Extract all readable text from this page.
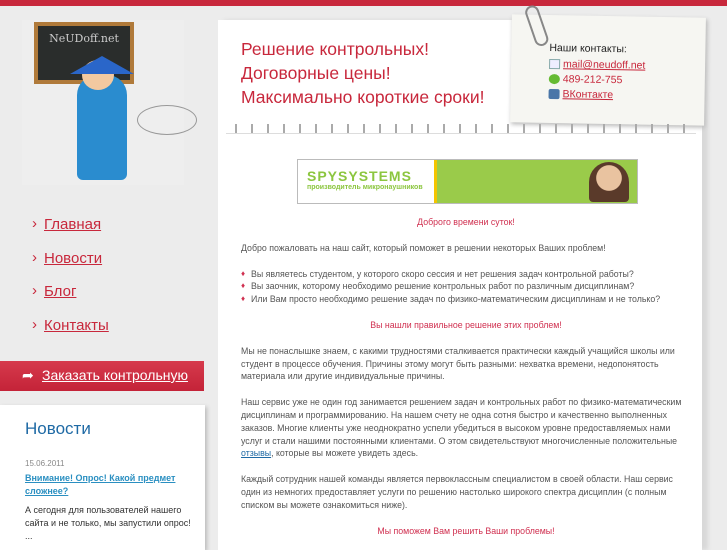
NeUDoff.net
› Главная
› Новости
› Блог
› Контакты
➦ Заказать контрольную
Новости
15.06.2011
Внимание! Опрос! Какой предмет сложнее?

А сегодня для пользователей нашего сайта и не только, мы запустили опрос!

...

Решение контрольных!
Договорные цены!
Максимально короткие сроки!
Наши контакты:
mail@neudoff.net
489-212-755
ВКонтакте
SPYSYSTEMS
производитель микронаушников

Доброго времени суток!

Добро пожаловать на наш сайт, который поможет в решении некоторых Ваших проблем!

♦ Вы являетесь студентом, у которого скоро сессия и нет решения задач контрольной работы?
♦ Вы заочник, которому необходимо решение контрольных работ по различным дисциплинам?
♦ Или Вам просто необходимо решение задач по физико-математическим дисциплинам и не только?

Вы нашли правильное решение этих проблем!

Мы не понаслышке знаем, с какими трудностями сталкивается практически каждый учащийся школы или студент в процессе обучения. Причины этому могут быть разными: нехватка времени, недопонятость материала или другие индивидуальные причины.

Наш сервис уже не один год занимается решением задач и контрольных работ по физико-математическим дисциплинам и программированию. На нашем счету не одна сотня быстро и качественно выполненных заказов. Многие клиенты уже неоднократно успели убедиться в высоком уровне предоставляемых нами услуг и стали нашими постоянными клиентами. О этом свидетельствуют многочисленные положительные отзывы, которые вы можете увидеть здесь.

Каждый сотрудник нашей команды является первоклассным специалистом в своей области. Наш сервис один из немногих предоставляет услуги по решению настолько широкого спектра дисциплин (с полным списком вы можете ознакомиться ниже).

Мы поможем Вам решить Ваши проблемы!
